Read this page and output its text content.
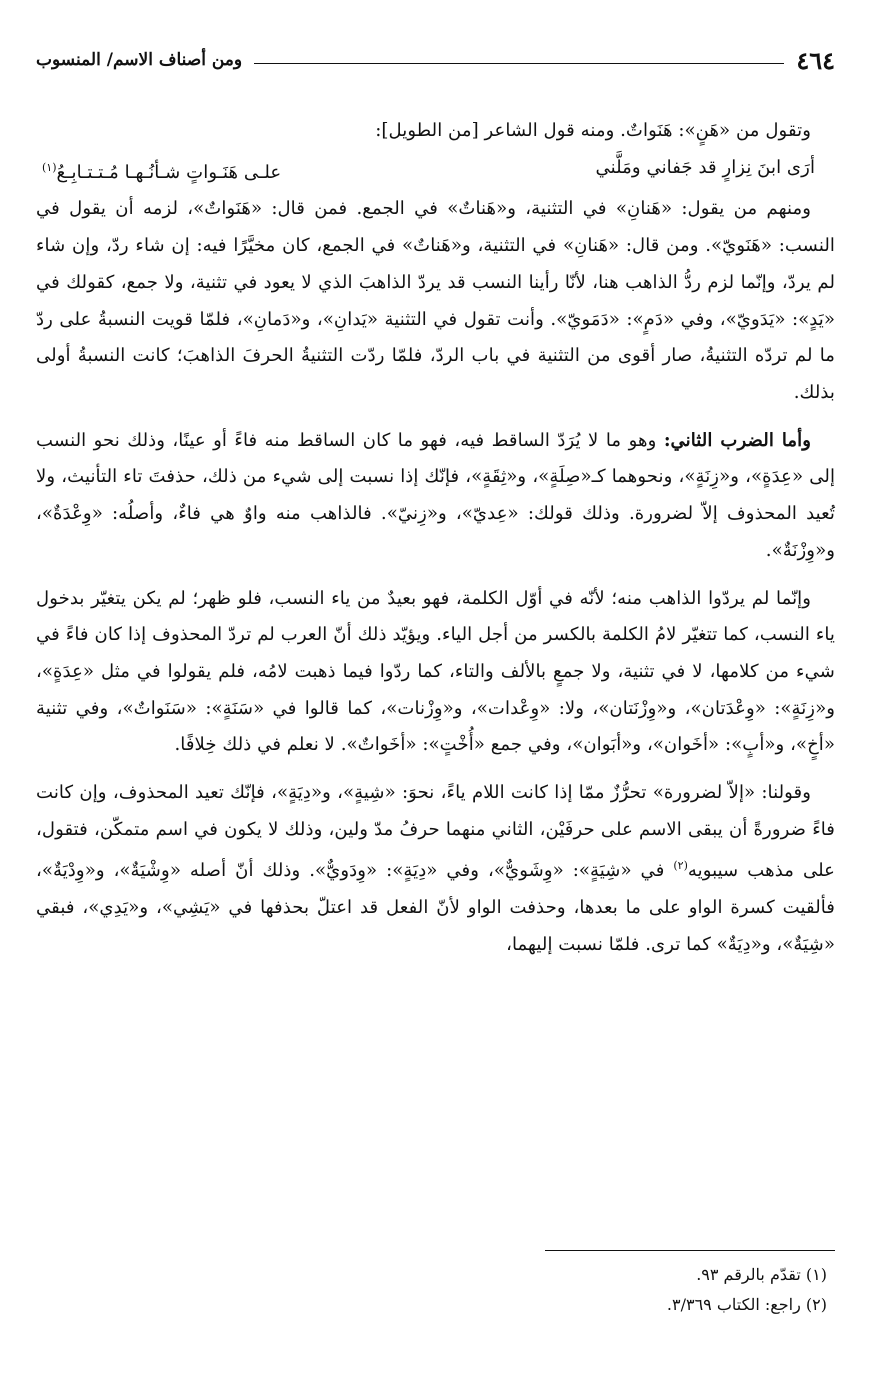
٤٦٤
ومن أصناف الاسم/ المنسوب

وتقول من «هَنٍ»: هَنَواتٌ. ومنه قول الشاعر [من الطويل]:

أرَى ابنَ نِزارٍ قد جَفاني ومَلَّني
علـى هَنَـواتٍ شـأنُـهـا مُـتـتـابِـعُ$^{(١)}$

ومنهم من يقول: «هَنانِ» في التثنية، و«هَناتٌ» في الجمع. فمن قال: «هَنَواتٌ»، لزمه أن يقول في النسب: «هَنَويّ». ومن قال: «هَنانِ» في التثنية، و«هَناتٌ» في الجمع، كان مخيَّرًا فيه: إن شاء ردّ، وإن شاء لم يردّ، وإنّما لزم ردُّ الذاهب هنا، لأنّا رأينا النسب قد يردّ الذاهبَ الذي لا يعود في تثنية، ولا جمع، كقولك في «يَدٍ»: «يَدَويّ»، وفي «دَمٍ»: «دَمَويّ». وأنت تقول في التثنية «يَدانِ»، و«دَمانِ»، فلمّا قويت النسبةُ على ردّ ما لم تردّه التثنيةُ، صار أقوى من التثنية في باب الردّ، فلمّا ردّت التثنيةُ الحرفَ الذاهبَ؛ كانت النسبةُ أولى بذلك.

وأما الضرب الثاني: وهو ما لا يُرَدّ الساقط فيه، فهو ما كان الساقط منه فاءً أو عينًا، وذلك نحو النسب إلى «عِدَةٍ»، و«زِنَةٍ»، ونحوهما كـ«صِلَةٍ»، و«ثِقَةٍ»، فإنّك إذا نسبت إلى شيء من ذلك، حذفتَ تاء التأنيث، ولا تُعيد المحذوف إلاّ لضرورة. وذلك قولك: «عِديّ»، و«زِنيّ». فالذاهب منه واوٌ هي فاءٌ، وأصلُه: «وِعْدَةٌ»، و«وِزْنَةٌ».

وإنّما لم يردّوا الذاهب منه؛ لأنّه في أوّل الكلمة، فهو بعيدٌ من ياء النسب، فلو ظهر؛ لم يكن يتغيّر بدخول ياء النسب، كما تتغيّر لامُ الكلمة بالكسر من أجل الياء. ويؤيّد ذلك أنّ العرب لم تردّ المحذوف إذا كان فاءً في شيء من كلامها، لا في تثنية، ولا جمعٍ بالألف والتاء، كما ردّوا فيما ذهبت لامُه، فلم يقولوا في مثل «عِدَةٍ»، و«زِنَةٍ»: «وِعْدَتان»، و«وِزْنَتان»، ولا: «وِعْدات»، و«وِزْنات»، كما قالوا في «سَنَةٍ»: «سَنَواتٌ»، وفي تثنية «أخٍ»، و«أبٍ»: «أخَوان»، و«أبَوان»، وفي جمع «أُخْتٍ»: «أخَواتٌ». لا نعلم في ذلك خِلافًا.

وقولنا: «إلاّ لضرورة» تحرُّزٌ ممّا إذا كانت اللام ياءً، نحوَ: «شِيةٍ»، و«دِيَةٍ»، فإنّك تعيد المحذوف، وإن كانت فاءً ضرورةً أن يبقى الاسم على حرفَيْن، الثاني منهما حرفُ مدّ ولين، وذلك لا يكون في اسم متمكّن، فتقول، على مذهب سيبويه$^{(٢)}$ في «شِيَةٍ»: «وِشَويٌّ»، وفي «دِيَةٍ»: «وِدَويٌّ». وذلك أنّ أصله «وِشْيَةٌ»، و«وِدْيَةٌ»، فألقيت كسرة الواو على ما بعدها، وحذفت الواو لأنّ الفعل قد اعتلّ بحذفها في «يَشِي»، و«يَدِي»، فبقي «شِيَةٌ»، و«دِيَةٌ» كما ترى. فلمّا نسبت إليهما،

(١) تقدّم بالرقم ٩٣.
(٢) راجع: الكتاب ٣/٣٦٩.
